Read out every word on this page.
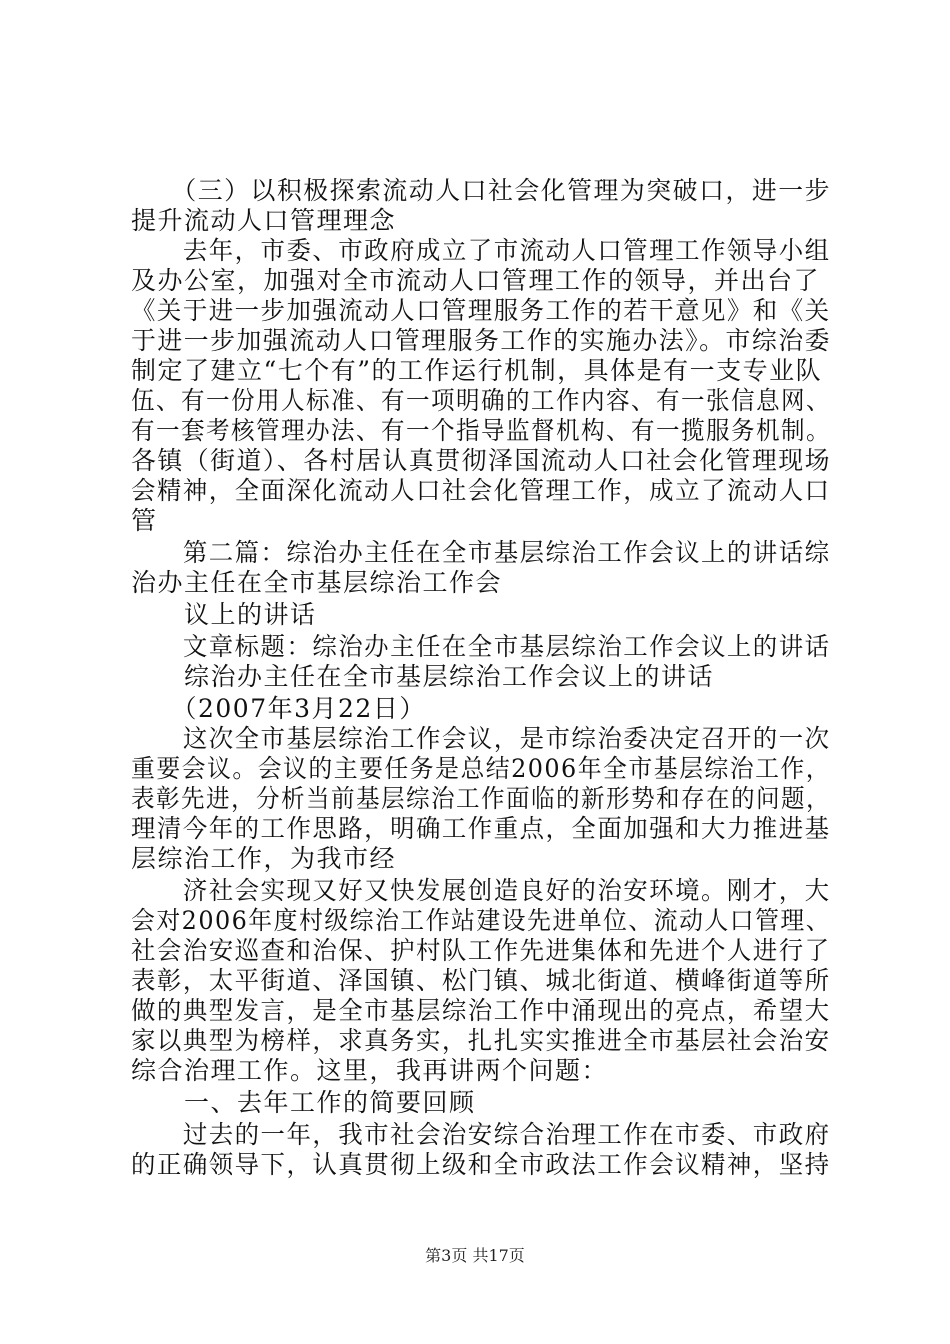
　　（三）以积极探索流动人口社会化管理为突破口，进一步
提升流动人口管理理念
　　去年，市委、市政府成立了市流动人口管理工作领导小组
及办公室，加强对全市流动人口管理工作的领导，并出台了
《关于进一步加强流动人口管理服务工作的若干意见》和《关
于进一步加强流动人口管理服务工作的实施办法》。市综治委
制定了建立“七个有”的工作运行机制，具体是有一支专业队
伍、有一份用人标准、有一项明确的工作内容、有一张信息网、
有一套考核管理办法、有一个指导监督机构、有一揽服务机制。
各镇（街道）、各村居认真贯彻泽国流动人口社会化管理现场
会精神，全面深化流动人口社会化管理工作，成立了流动人口
管
　　第二篇：综治办主任在全市基层综治工作会议上的讲话综
治办主任在全市基层综治工作会
　　议上的讲话
　　文章标题：综治办主任在全市基层综治工作会议上的讲话
　　综治办主任在全市基层综治工作会议上的讲话
　　（2007年3月22日）
　　这次全市基层综治工作会议，是市综治委决定召开的一次
重要会议。会议的主要任务是总结2006年全市基层综治工作，
表彰先进，分析当前基层综治工作面临的新形势和存在的问题，
理清今年的工作思路，明确工作重点，全面加强和大力推进基
层综治工作，为我市经
　　济社会实现又好又快发展创造良好的治安环境。刚才，大
会对2006年度村级综治工作站建设先进单位、流动人口管理、
社会治安巡查和治保、护村队工作先进集体和先进个人进行了
表彰，太平街道、泽国镇、松门镇、城北街道、横峰街道等所
做的典型发言，是全市基层综治工作中涌现出的亮点，希望大
家以典型为榜样，求真务实，扎扎实实推进全市基层社会治安
综合治理工作。这里，我再讲两个问题：
　　一、去年工作的简要回顾
　　过去的一年，我市社会治安综合治理工作在市委、市政府
的正确领导下，认真贯彻上级和全市政法工作会议精神，坚持
第3页 共17页
